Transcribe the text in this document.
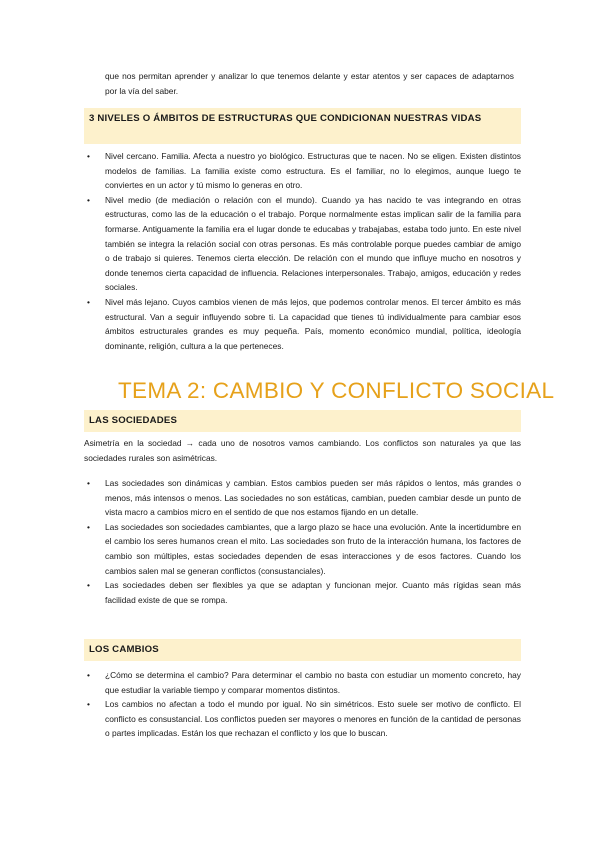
que nos permitan aprender y analizar lo que tenemos delante y estar atentos y ser capaces de adaptarnos por la vía del saber.

3 NIVELES O ÁMBITOS DE ESTRUCTURAS QUE CONDICIONAN NUESTRAS VIDAS
• Nivel cercano. Familia. Afecta a nuestro yo biológico. Estructuras que te nacen. No se eligen. Existen distintos modelos de familias. La familia existe como estructura. Es el familiar, no lo elegimos, aunque luego te conviertes en un actor y tú mismo lo generas en otro.
• Nivel medio (de mediación o relación con el mundo). Cuando ya has nacido te vas integrando en otras estructuras, como las de la educación o el trabajo. Porque normalmente estas implican salir de la familia para formarse. Antiguamente la familia era el lugar donde te educabas y trabajabas, estaba todo junto. En este nivel también se integra la relación social con otras personas. Es más controlable porque puedes cambiar de amigo o de trabajo si quieres. Tenemos cierta elección. De relación con el mundo que influye mucho en nosotros y donde tenemos cierta capacidad de influencia. Relaciones interpersonales. Trabajo, amigos, educación y redes sociales.
• Nivel más lejano. Cuyos cambios vienen de más lejos, que podemos controlar menos. El tercer ámbito es más estructural. Van a seguir influyendo sobre ti. La capacidad que tienes tú individualmente para cambiar esos ámbitos estructurales grandes es muy pequeña. País, momento económico mundial, política, ideología dominante, religión, cultura a la que perteneces.
TEMA 2: CAMBIO Y CONFLICTO SOCIAL
LAS SOCIEDADES

Asimetría en la sociedad → cada uno de nosotros vamos cambiando. Los conflictos son naturales ya que las sociedades rurales son asimétricas.

• Las sociedades son dinámicas y cambian. Estos cambios pueden ser más rápidos o lentos, más grandes o menos, más intensos o menos. Las sociedades no son estáticas, cambian, pueden cambiar desde un punto de vista macro a cambios micro en el sentido de que nos estamos fijando en un detalle.
• Las sociedades son sociedades cambiantes, que a largo plazo se hace una evolución. Ante la incertidumbre en el cambio los seres humanos crean el mito. Las sociedades son fruto de la interacción humana, los factores de cambio son múltiples, estas sociedades dependen de esas interacciones y de esos factores. Cuando los cambios salen mal se generan conflictos (consustanciales).
• Las sociedades deben ser flexibles ya que se adaptan y funcionan mejor. Cuanto más rígidas sean más facilidad existe de que se rompa.
LOS CAMBIOS
• ¿Cómo se determina el cambio? Para determinar el cambio no basta con estudiar un momento concreto, hay que estudiar la variable tiempo y comparar momentos distintos.
• Los cambios no afectan a todo el mundo por igual. No sin simétricos. Esto suele ser motivo de conflicto. El conflicto es consustancial. Los conflictos pueden ser mayores o menores en función de la cantidad de personas o partes implicadas. Están los que rechazan el conflicto y los que lo buscan.
